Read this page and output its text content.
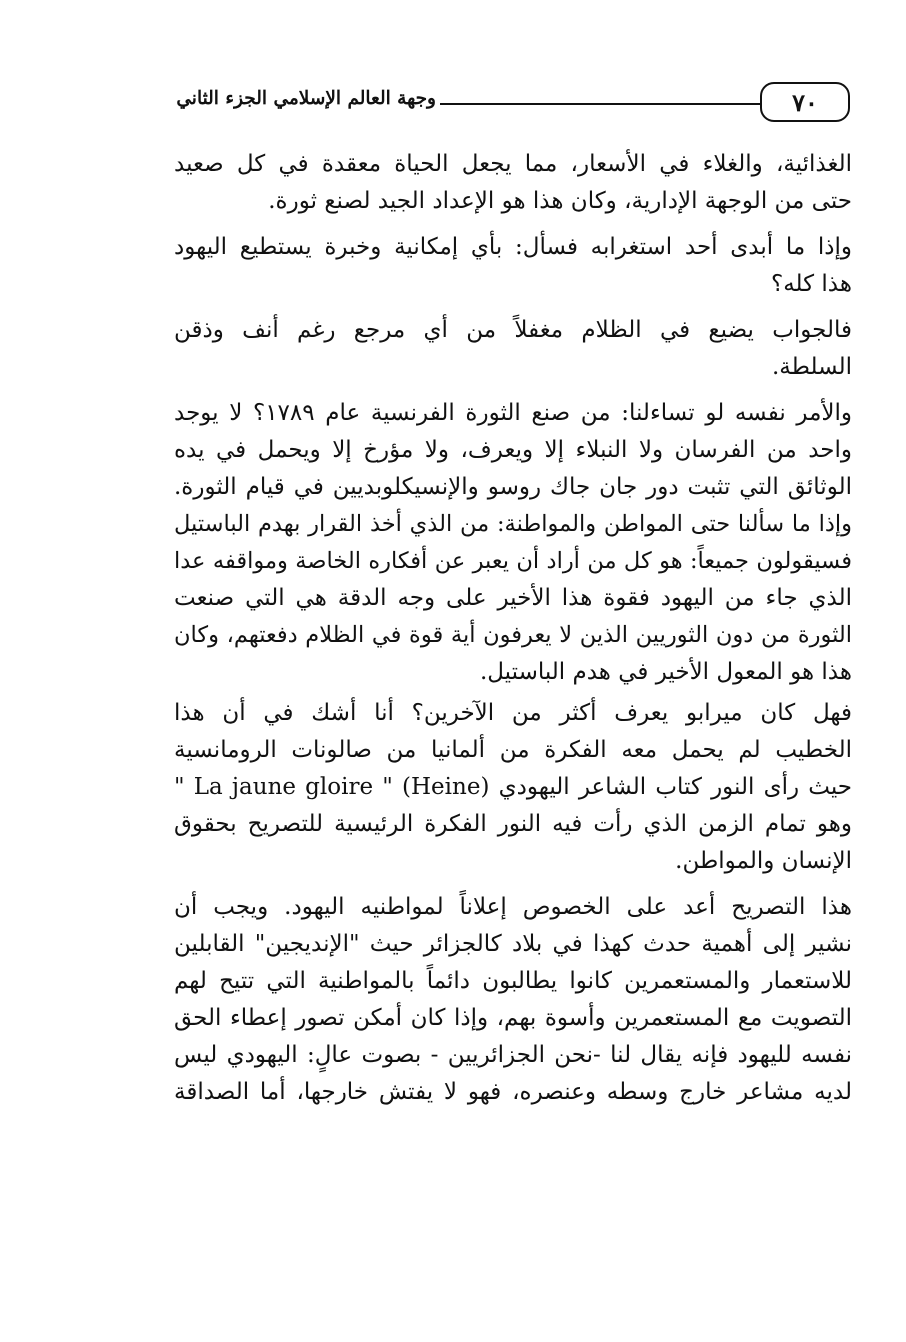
٧٠
وجهة العالم الإسلامي الجزء الثاني
الغذائية، والغلاء في الأسعار، مما يجعل الحياة معقدة في كل صعيد
حتى من الوجهة الإدارية، وكان هذا هو الإعداد الجيد لصنع ثورة.
وإذا ما أبدى أحد استغرابه فسأل: بأي إمكانية وخبرة يستطيع اليهود
هذا كله؟
فالجواب يضيع في الظلام مغفلاً من أي مرجع رغم أنف وذقن
السلطة.
والأمر نفسه لو تساءلنا: من صنع الثورة الفرنسية عام ١٧٨٩؟ لا يوجد
واحد من الفرسان ولا النبلاء إلا ويعرف، ولا مؤرخ إلا ويحمل في يده
الوثائق التي تثبت دور جان جاك روسو والإنسيكلوبديين في قيام الثورة.
وإذا ما سألنا حتى المواطن والمواطنة: من الذي أخذ القرار بهدم الباستيل
فسيقولون جميعاً: هو كل من أراد أن يعبر عن أفكاره الخاصة ومواقفه عدا
الذي جاء من اليهود فقوة هذا الأخير على وجه الدقة هي التي صنعت
الثورة من دون الثوريين الذين لا يعرفون أية قوة في الظلام دفعتهم، وكان
هذا هو المعول الأخير في هدم الباستيل.
فهل كان ميرابو يعرف أكثر من الآخرين؟ أنا أشك في أن هذا
الخطيب لم يحمل معه الفكرة من ألمانيا من صالونات الرومانسية
حيث رأى النور كتاب الشاعر اليهودي (Heine) " La jaune gloire "
وهو تمام الزمن الذي رأت فيه النور الفكرة الرئيسية للتصريح بحقوق
الإنسان والمواطن.
هذا التصريح أعد على الخصوص إعلاناً لمواطنيه اليهود. ويجب أن
نشير إلى أهمية حدث كهذا في بلاد كالجزائر حيث "الإنديجين" القابلين
للاستعمار والمستعمرين كانوا يطالبون دائماً بالمواطنية التي تتيح لهم
التصويت مع المستعمرين وأسوة بهم، وإذا كان أمكن تصور إعطاء الحق
نفسه لليهود فإنه يقال لنا -نحن الجزائريين - بصوت عالٍ: اليهودي ليس
لديه مشاعر خارج وسطه وعنصره، فهو لا يفتش خارجها، أما الصداقة
